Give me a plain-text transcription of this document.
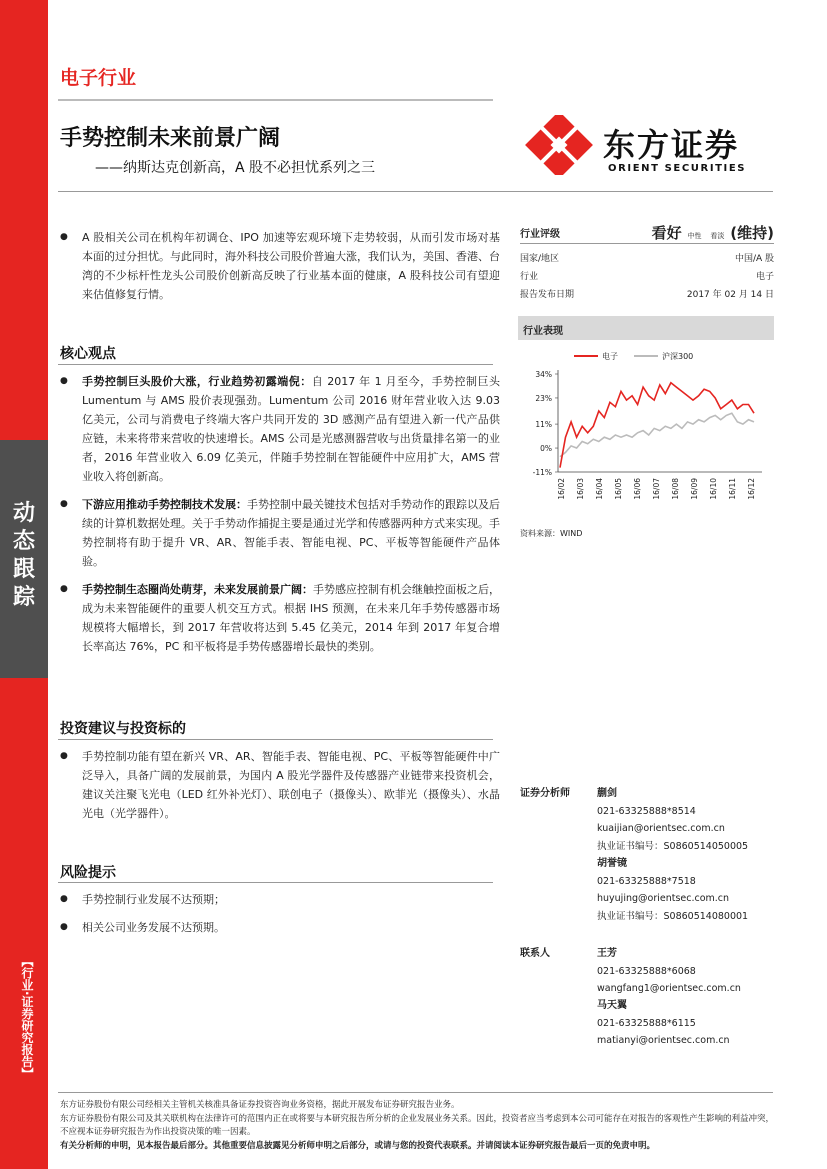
动
态
跟
踪
【行业·证券研究报告】
电子行业
手势控制未来前景广阔
——纳斯达克创新高，A 股不必担忧系列之三
东方证券
ORIENT SECURITIES
● A 股相关公司在机构年初调仓、IPO 加速等宏观环境下走势较弱，从而引发市场对基本面的过分担忧。与此同时，海外科技公司股价普遍大涨，我们认为，美国、香港、台湾的不少标杆性龙头公司股价创新高反映了行业基本面的健康，A 股科技公司有望迎来估值修复行情。
核心观点
● 手势控制巨头股价大涨，行业趋势初露端倪：自 2017 年 1 月至今，手势控制巨头 Lumentum 与 AMS 股价表现强劲。Lumentum 公司 2016 财年营业收入达 9.03 亿美元，公司与消费电子终端大客户共同开发的 3D 感测产品有望进入新一代产品供应链，未来将带来营收的快速增长。AMS 公司是光感测器营收与出货量排名第一的业者，2016 年营业收入 6.09 亿美元，伴随手势控制在智能硬件中应用扩大，AMS 营业收入将创新高。
● 下游应用推动手势控制技术发展：手势控制中最关键技术包括对手势动作的跟踪以及后续的计算机数据处理。关于手势动作捕捉主要是通过光学和传感器两种方式来实现。手势控制将有助于提升 VR、AR、智能手表、智能电视、PC、平板等智能硬件产品体验。
● 手势控制生态圈尚处萌芽，未来发展前景广阔：手势感应控制有机会继触控面板之后，成为未来智能硬件的重要人机交互方式。根据 IHS 预测，在未来几年手势传感器市场规模将大幅增长，到 2017 年营收将达到 5.45 亿美元，2014 年到 2017 年复合增长率高达 76%，PC 和平板将是手势传感器增长最快的类别。
投资建议与投资标的
● 手势控制功能有望在新兴 VR、AR、智能手表、智能电视、PC、平板等智能硬件中广泛导入，具备广阔的发展前景，为国内 A 股光学器件及传感器产业链带来投资机会，建议关注聚飞光电（LED 红外补光灯）、联创电子（摄像头）、欧菲光（摄像头）、水晶光电（光学器件）。
风险提示
● 手势控制行业发展不达预期；
● 相关公司业务发展不达预期。
行业评级	看好 中性 看淡 (维持)
国家/地区	中国/A 股
行业	电子
报告发布日期	2017 年 02 月 14 日
行业表现
34%
23%
11%
0%
-11%
16/02 16/03 16/04 16/05 16/06 16/07 16/08 16/09 16/10 16/11 16/12
电子	沪深300
资料来源：WIND
证券分析师	蒯剑
021-63325888*8514
kuaijian@orientsec.com.cn
执业证书编号：S0860514050005
胡誉镜
021-63325888*7518
huyujing@orientsec.com.cn
执业证书编号：S0860514080001
联系人	王芳
021-63325888*6068
wangfang1@orientsec.com.cn
马天翼
021-63325888*6115
matianyi@orientsec.com.cn
东方证券股份有限公司经相关主管机关核准具备证券投资咨询业务资格，据此开展发布证券研究报告业务。
东方证券股份有限公司及其关联机构在法律许可的范围内正在或将要与本研究报告所分析的企业发展业务关系。因此，投资者应当考虑到本公司可能存在对报告的客观性产生影响的利益冲突，不应视本证券研究报告为作出投资决策的唯一因素。
有关分析师的申明，见本报告最后部分。其他重要信息披露见分析师申明之后部分，或请与您的投资代表联系。并请阅读本证券研究报告最后一页的免责申明。
